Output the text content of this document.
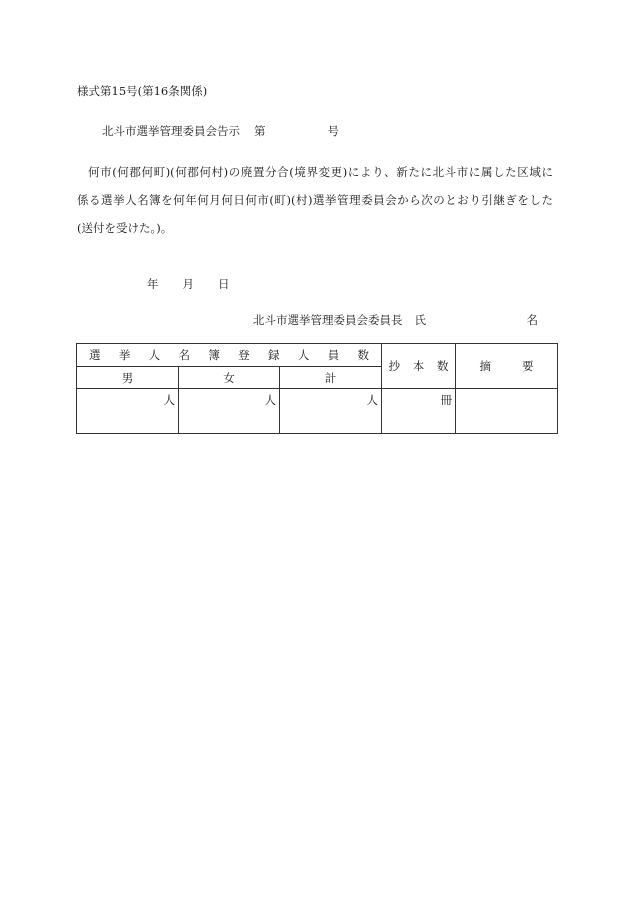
様式第15号(第16条関係)
北斗市選挙管理委員会告示 第	号

何市(何郡何町)(何郡何村)の廃置分合(境界変更)により、新たに北斗市に属した区域に
係る選挙人名簿を何年何月何日何市(町)(村)選挙管理委員会から次のとおり引継ぎをした
(送付を受けた。)。

年 月 日
北斗市選挙管理委員会委員長 氏	名
選挙人名簿登録人員数			抄本数	摘要
男	女	計		
人	人	人	冊	
